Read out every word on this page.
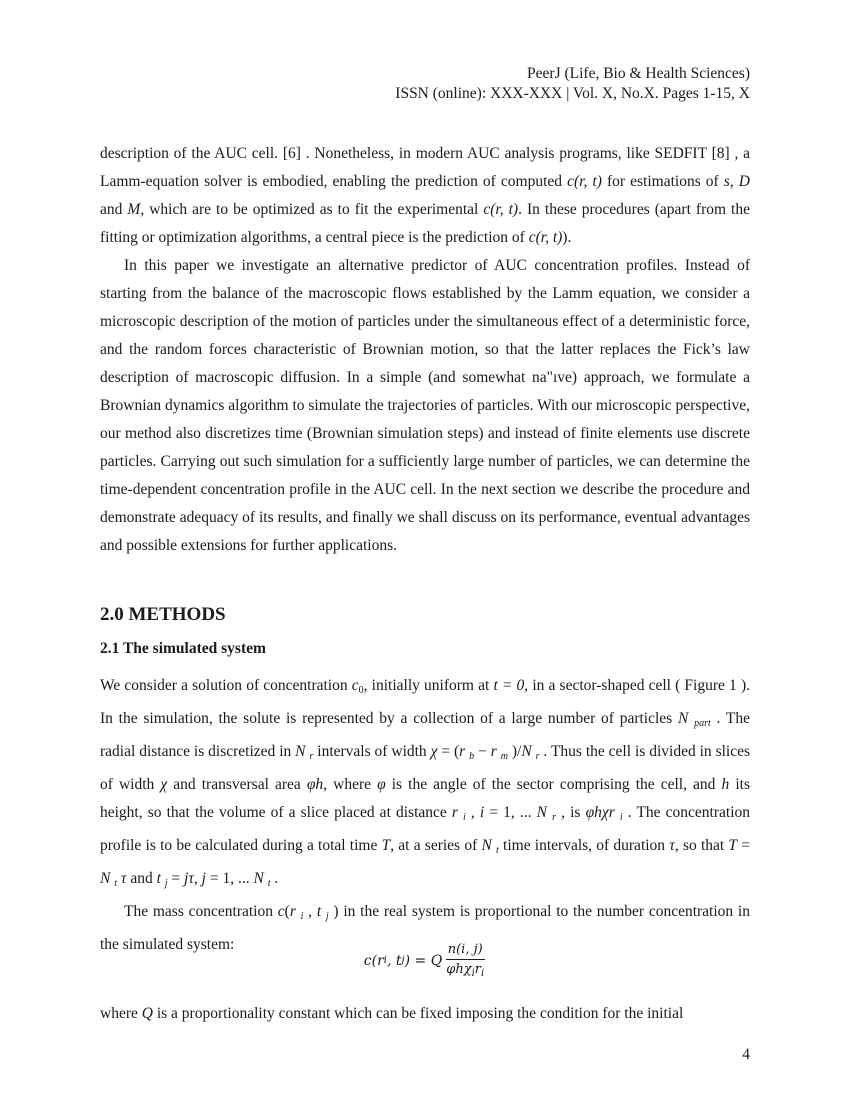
PeerJ (Life, Bio & Health Sciences)
ISSN (online): XXX-XXX | Vol. X, No.X. Pages 1-15, X

description of the AUC cell. [6] . Nonetheless, in modern AUC analysis programs, like SEDFIT [8] , a Lamm-equation solver is embodied, enabling the prediction of computed c(r, t) for estimations of s, D and M, which are to be optimized as to fit the experimental c(r, t). In these procedures (apart from the fitting or optimization algorithms, a central piece is the prediction of c(r, t)).

In this paper we investigate an alternative predictor of AUC concentration profiles. Instead of starting from the balance of the macroscopic flows established by the Lamm equation, we consider a microscopic description of the motion of particles under the simultaneous effect of a deterministic force, and the random forces characteristic of Brownian motion, so that the latter replaces the Fick’s law description of macroscopic diffusion. In a simple (and somewhat na"ıve) approach, we formulate a Brownian dynamics algorithm to simulate the trajectories of particles. With our microscopic perspective, our method also discretizes time (Brownian simulation steps) and instead of finite elements use discrete particles. Carrying out such simulation for a sufficiently large number of particles, we can determine the time-dependent concentration profile in the AUC cell. In the next section we describe the procedure and demonstrate adequacy of its results, and finally we shall discuss on its performance, eventual advantages and possible extensions for further applications.

2.0 METHODS
2.1 The simulated system

We consider a solution of concentration c0, initially uniform at t = 0, in a sector-shaped cell ( Figure 1 ). In the simulation, the solute is represented by a collection of a large number of particles N $_{part}$ . The radial distance is discretized in N $_r$ intervals of width χ = (r $_b$ − r $_m$ )/N $_r$ . Thus the cell is divided in slices of width χ and transversal area φh, where φ is the angle of the sector comprising the cell, and h its height, so that the volume of a slice placed at distance r $_i$ , i = 1, ... N $_r$ , is φhχr $_i$ . The concentration profile is to be calculated during a total time T, at a series of N $_t$ time intervals, of duration τ, so that T = N $_t$ τ and t $_j$ = jτ, j = 1, ... N $_t$ .

The mass concentration c(r $_i$ , t $_j$ ) in the real system is proportional to the number concentration in the simulated system:

c(r i , t j ) = Q $\frac{n(i, j)}{\varphi h\chi_ir_i}$

where Q is a proportionality constant which can be fixed imposing the condition for the initial

4
